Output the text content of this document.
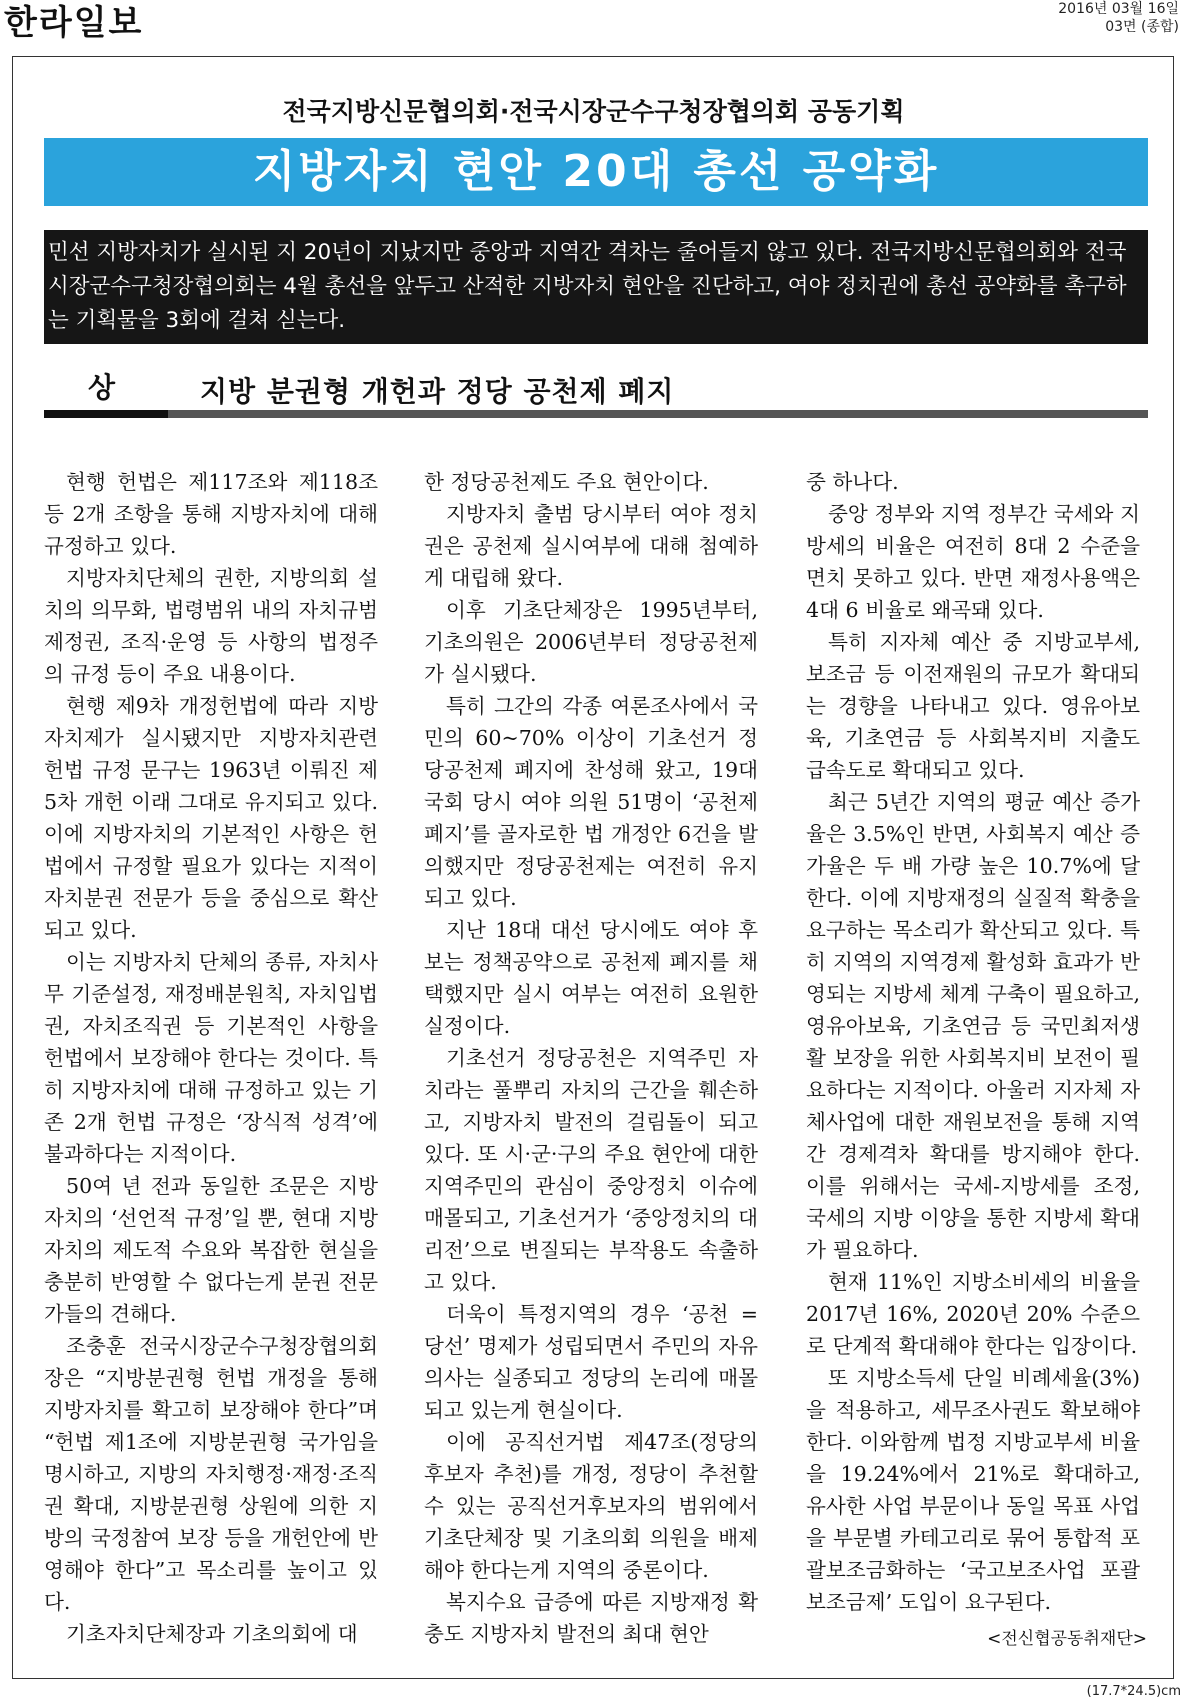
한라일보	2016년 03월 16일
03면 (종합)
전국지방신문협의회·전국시장군수구청장협의회 공동기획
지방자치 현안 20대 총선 공약화
민선 지방자치가 실시된 지 20년이 지났지만 중앙과 지역간 격차는 줄어들지 않고 있다. 전국지방신문협의회와 전국시장군수구청장협의회는 4월 총선을 앞두고 산적한 지방자치 현안을 진단하고, 여야 정치권에 총선 공약화를 촉구하는 기획물을 3회에 걸쳐 싣는다.
상	지방 분권형 개헌과 정당 공천제 폐지

현행 헌법은 제117조와 제118조 등 2개 조항을 통해 지방자치에 대해 규정하고 있다.

지방자치단체의 권한, 지방의회 설치의 의무화, 법령범위 내의 자치규범제정권, 조직·운영 등 사항의 법정주의 규정 등이 주요 내용이다.

현행 제9차 개정헌법에 따라 지방자치제가 실시됐지만 지방자치관련 헌법 규정 문구는 1963년 이뤄진 제5차 개헌 이래 그대로 유지되고 있다. 이에 지방자치의 기본적인 사항은 헌법에서 규정할 필요가 있다는 지적이 자치분권 전문가 등을 중심으로 확산되고 있다.

이는 지방자치 단체의 종류, 자치사무 기준설정, 재정배분원칙, 자치입법권, 자치조직권 등 기본적인 사항을 헌법에서 보장해야 한다는 것이다. 특히 지방자치에 대해 규정하고 있는 기존 2개 헌법 규정은 ‘장식적 성격’에 불과하다는 지적이다.

50여 년 전과 동일한 조문은 지방자치의 ‘선언적 규정’일 뿐, 현대 지방자치의 제도적 수요와 복잡한 현실을 충분히 반영할 수 없다는게 분권 전문가들의 견해다.

조충훈 전국시장군수구청장협의회장은 “지방분권형 헌법 개정을 통해 지방자치를 확고히 보장해야 한다”며 “헌법 제1조에 지방분권형 국가임을 명시하고, 지방의 자치행정·재정·조직권 확대, 지방분권형 상원에 의한 지방의 국정참여 보장 등을 개헌안에 반영해야 한다”고 목소리를 높이고 있다.

기초자치단체장과 기초의회에 대

한 정당공천제도 주요 현안이다.

지방자치 출범 당시부터 여야 정치권은 공천제 실시여부에 대해 첨예하게 대립해 왔다.

이후 기초단체장은 1995년부터, 기초의원은 2006년부터 정당공천제가 실시됐다.

특히 그간의 각종 여론조사에서 국민의 60~70% 이상이 기초선거 정당공천제 폐지에 찬성해 왔고, 19대 국회 당시 여야 의원 51명이 ‘공천제 폐지’를 골자로한 법 개정안 6건을 발의했지만 정당공천제는 여전히 유지되고 있다.

지난 18대 대선 당시에도 여야 후보는 정책공약으로 공천제 폐지를 채택했지만 실시 여부는 여전히 요원한 실정이다.

기초선거 정당공천은 지역주민 자치라는 풀뿌리 자치의 근간을 훼손하고, 지방자치 발전의 걸림돌이 되고 있다. 또 시·군·구의 주요 현안에 대한 지역주민의 관심이 중앙정치 이슈에 매몰되고, 기초선거가 ‘중앙정치의 대리전’으로 변질되는 부작용도 속출하고 있다.

더욱이 특정지역의 경우 ‘공천 = 당선’ 명제가 성립되면서 주민의 자유의사는 실종되고 정당의 논리에 매몰되고 있는게 현실이다.

이에 공직선거법 제47조(정당의 후보자 추천)를 개정, 정당이 추천할 수 있는 공직선거후보자의 범위에서 기초단체장 및 기초의회 의원을 배제해야 한다는게 지역의 중론이다.

복지수요 급증에 따른 지방재정 확충도 지방자치 발전의 최대 현안

중 하나다.

중앙 정부와 지역 정부간 국세와 지방세의 비율은 여전히 8대 2 수준을 면치 못하고 있다. 반면 재정사용액은 4대 6 비율로 왜곡돼 있다.

특히 지자체 예산 중 지방교부세, 보조금 등 이전재원의 규모가 확대되는 경향을 나타내고 있다. 영유아보육, 기초연금 등 사회복지비 지출도 급속도로 확대되고 있다.

최근 5년간 지역의 평균 예산 증가율은 3.5%인 반면, 사회복지 예산 증가율은 두 배 가량 높은 10.7%에 달한다. 이에 지방재정의 실질적 확충을 요구하는 목소리가 확산되고 있다. 특히 지역의 지역경제 활성화 효과가 반영되는 지방세 체계 구축이 필요하고, 영유아보육, 기초연금 등 국민최저생활 보장을 위한 사회복지비 보전이 필요하다는 지적이다. 아울러 지자체 자체사업에 대한 재원보전을 통해 지역간 경제격차 확대를 방지해야 한다. 이를 위해서는 국세-지방세를 조정, 국세의 지방 이양을 통한 지방세 확대가 필요하다.

현재 11%인 지방소비세의 비율을 2017년 16%, 2020년 20% 수준으로 단계적 확대해야 한다는 입장이다.

또 지방소득세 단일 비례세율(3%)을 적용하고, 세무조사권도 확보해야 한다. 이와함께 법정 지방교부세 비율을 19.24%에서 21%로 확대하고, 유사한 사업 부문이나 동일 목표 사업을 부문별 카테고리로 묶어 통합적 포괄보조금화하는 ‘국고보조사업 포괄보조금제’ 도입이 요구된다.

<전신협공동취재단>
(17.7*24.5)cm
